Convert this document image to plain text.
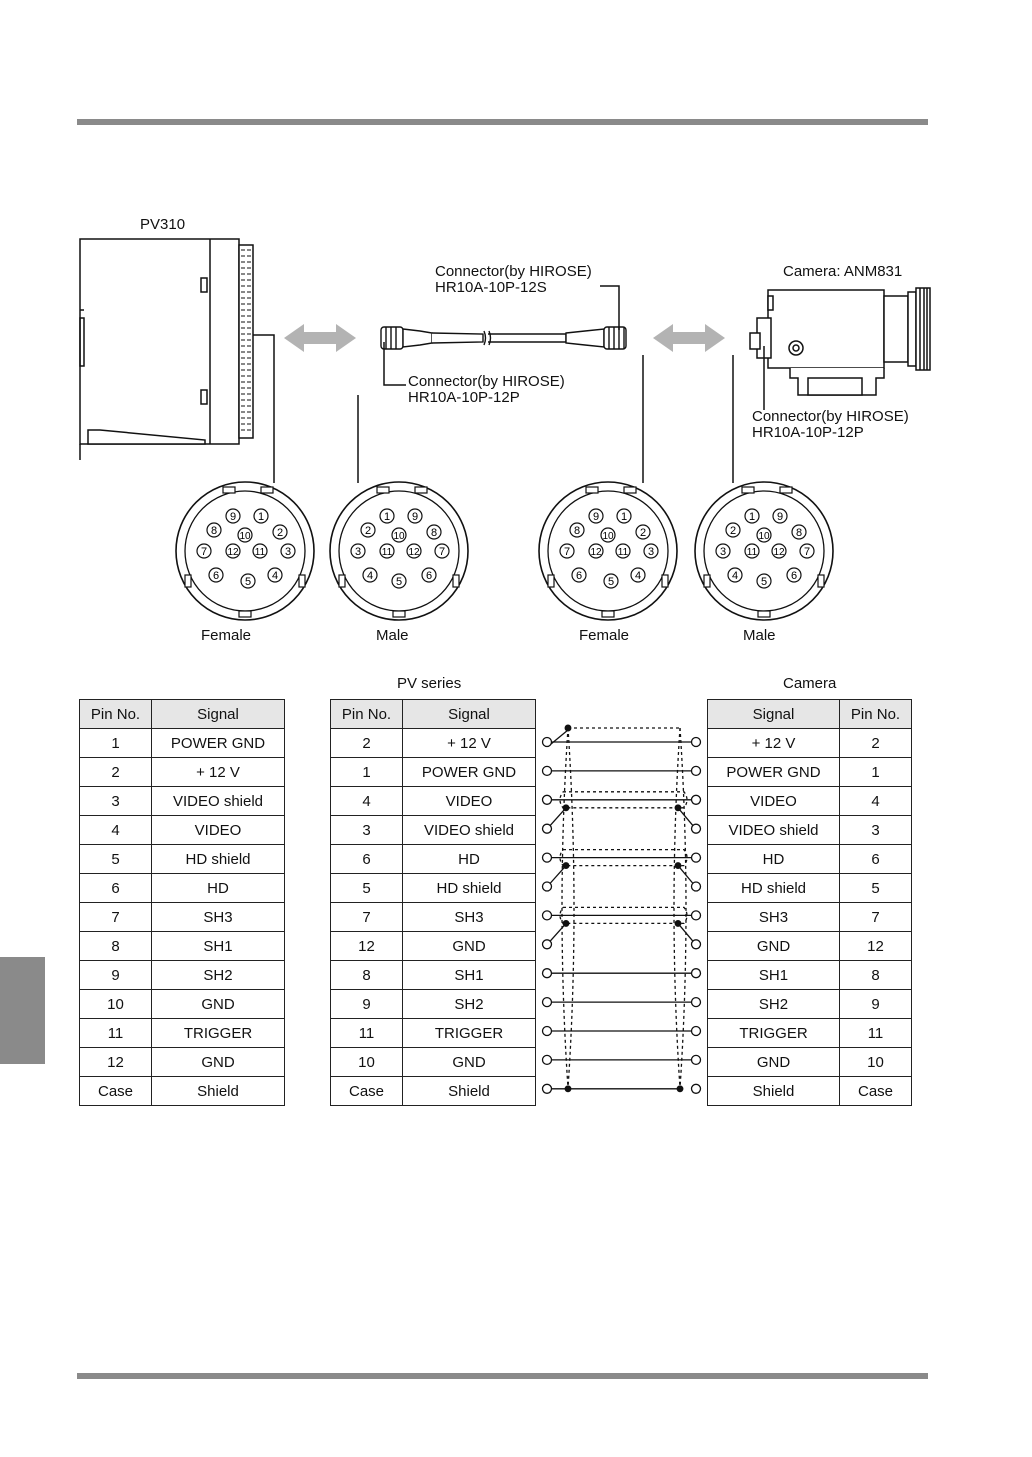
9 1
8 10 2
7 12 11 3
6 5 4
1 9
2 10 8
3 11 12 7
4 5 6
9 1
8 10 2
7 12 11 3
6 5 4
1 9
2 10 8
3 11 12 7
4 5 6
PV310
Camera: ANM831
Connector(by HIROSE)
HR10A-10P-12S
Connector(by HIROSE)
HR10A-10P-12P
Connector(by HIROSE)
HR10A-10P-12P
Female	Male	Female	Male
PV series	Camera
Pin No.	Signal
1	POWER GND
2	+ 12 V
3	VIDEO shield
4	VIDEO
5	HD shield
6	HD
7	SH3
8	SH1
9	SH2
10	GND
11	TRIGGER
12	GND
Case	Shield
Pin No.	Signal
2	+ 12 V
1	POWER GND
4	VIDEO
3	VIDEO shield
6	HD
5	HD shield
7	SH3
12	GND
8	SH1
9	SH2
11	TRIGGER
10	GND
Case	Shield
Signal	Pin No.
+ 12 V	2
POWER GND	1
VIDEO	4
VIDEO shield	3
HD	6
HD shield	5
SH3	7
GND	12
SH1	8
SH2	9
TRIGGER	11
GND	10
Shield	Case
